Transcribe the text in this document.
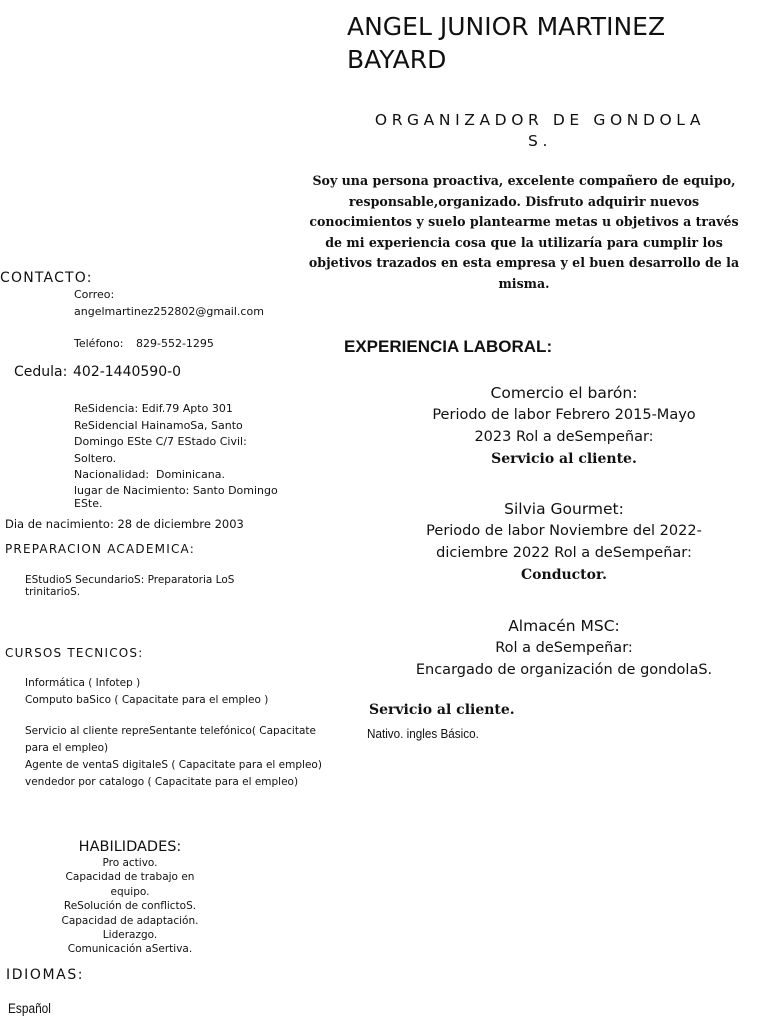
ANGEL JUNIOR MARTINEZ
BAYARD
ORGANIZADOR DE GONDOLA
S.
Soy una persona proactiva, excelente compañero de equipo, responsable,organizado. Disfruto adquirir nuevos conocimientos y suelo plantearme metas u objetivos a través de mi experiencia cosa que la utilizaría para cumplir los objetivos trazados en esta empresa y el buen desarrollo de la misma.
CONTACTO:
Correo:
angelmartinez252802@gmail.com
Teléfono: 829-552-1295
Cedula: 402-1440590-0
ReSidencia: Edif.79 Apto 301
ReSidencial HainamoSa, Santo
Domingo ESte C/7 EStado Civil:
Soltero.
Nacionalidad: Dominicana.
lugar de Nacimiento: Santo Domingo
ESte.
Dia de nacimiento: 28 de diciembre 2003
PREPARACION ACADEMICA:
EStudioS SecundarioS: Preparatoria LoS
trinitarioS.
CURSOS TECNICOS:
Informática ( Infotep )
Computo baSico ( Capacitate para el empleo )
Servicio al cliente repreSentante telefónico( Capacitate
para el empleo)
Agente de ventaS digitaleS ( Capacitate para el empleo)
vendedor por catalogo ( Capacitate para el empleo)
HABILIDADES:
Pro activo.
Capacidad de trabajo en
equipo.
ReSolución de conflictoS.
Capacidad de adaptación.
Liderazgo.
Comunicación aSertiva.
IDIOMAS:
Español
EXPERIENCIA LABORAL:
Comercio el barón:
Periodo de labor Febrero 2015-Mayo
2023 Rol a deSempeñar:
Servicio al cliente.
Silvia Gourmet:
Periodo de labor Noviembre del 2022-
diciembre 2022 Rol a deSempeñar:
Conductor.
Almacén MSC:
Rol a deSempeñar:
Encargado de organización de gondolaS.
Servicio al cliente.
Nativo. ingles Básico.
